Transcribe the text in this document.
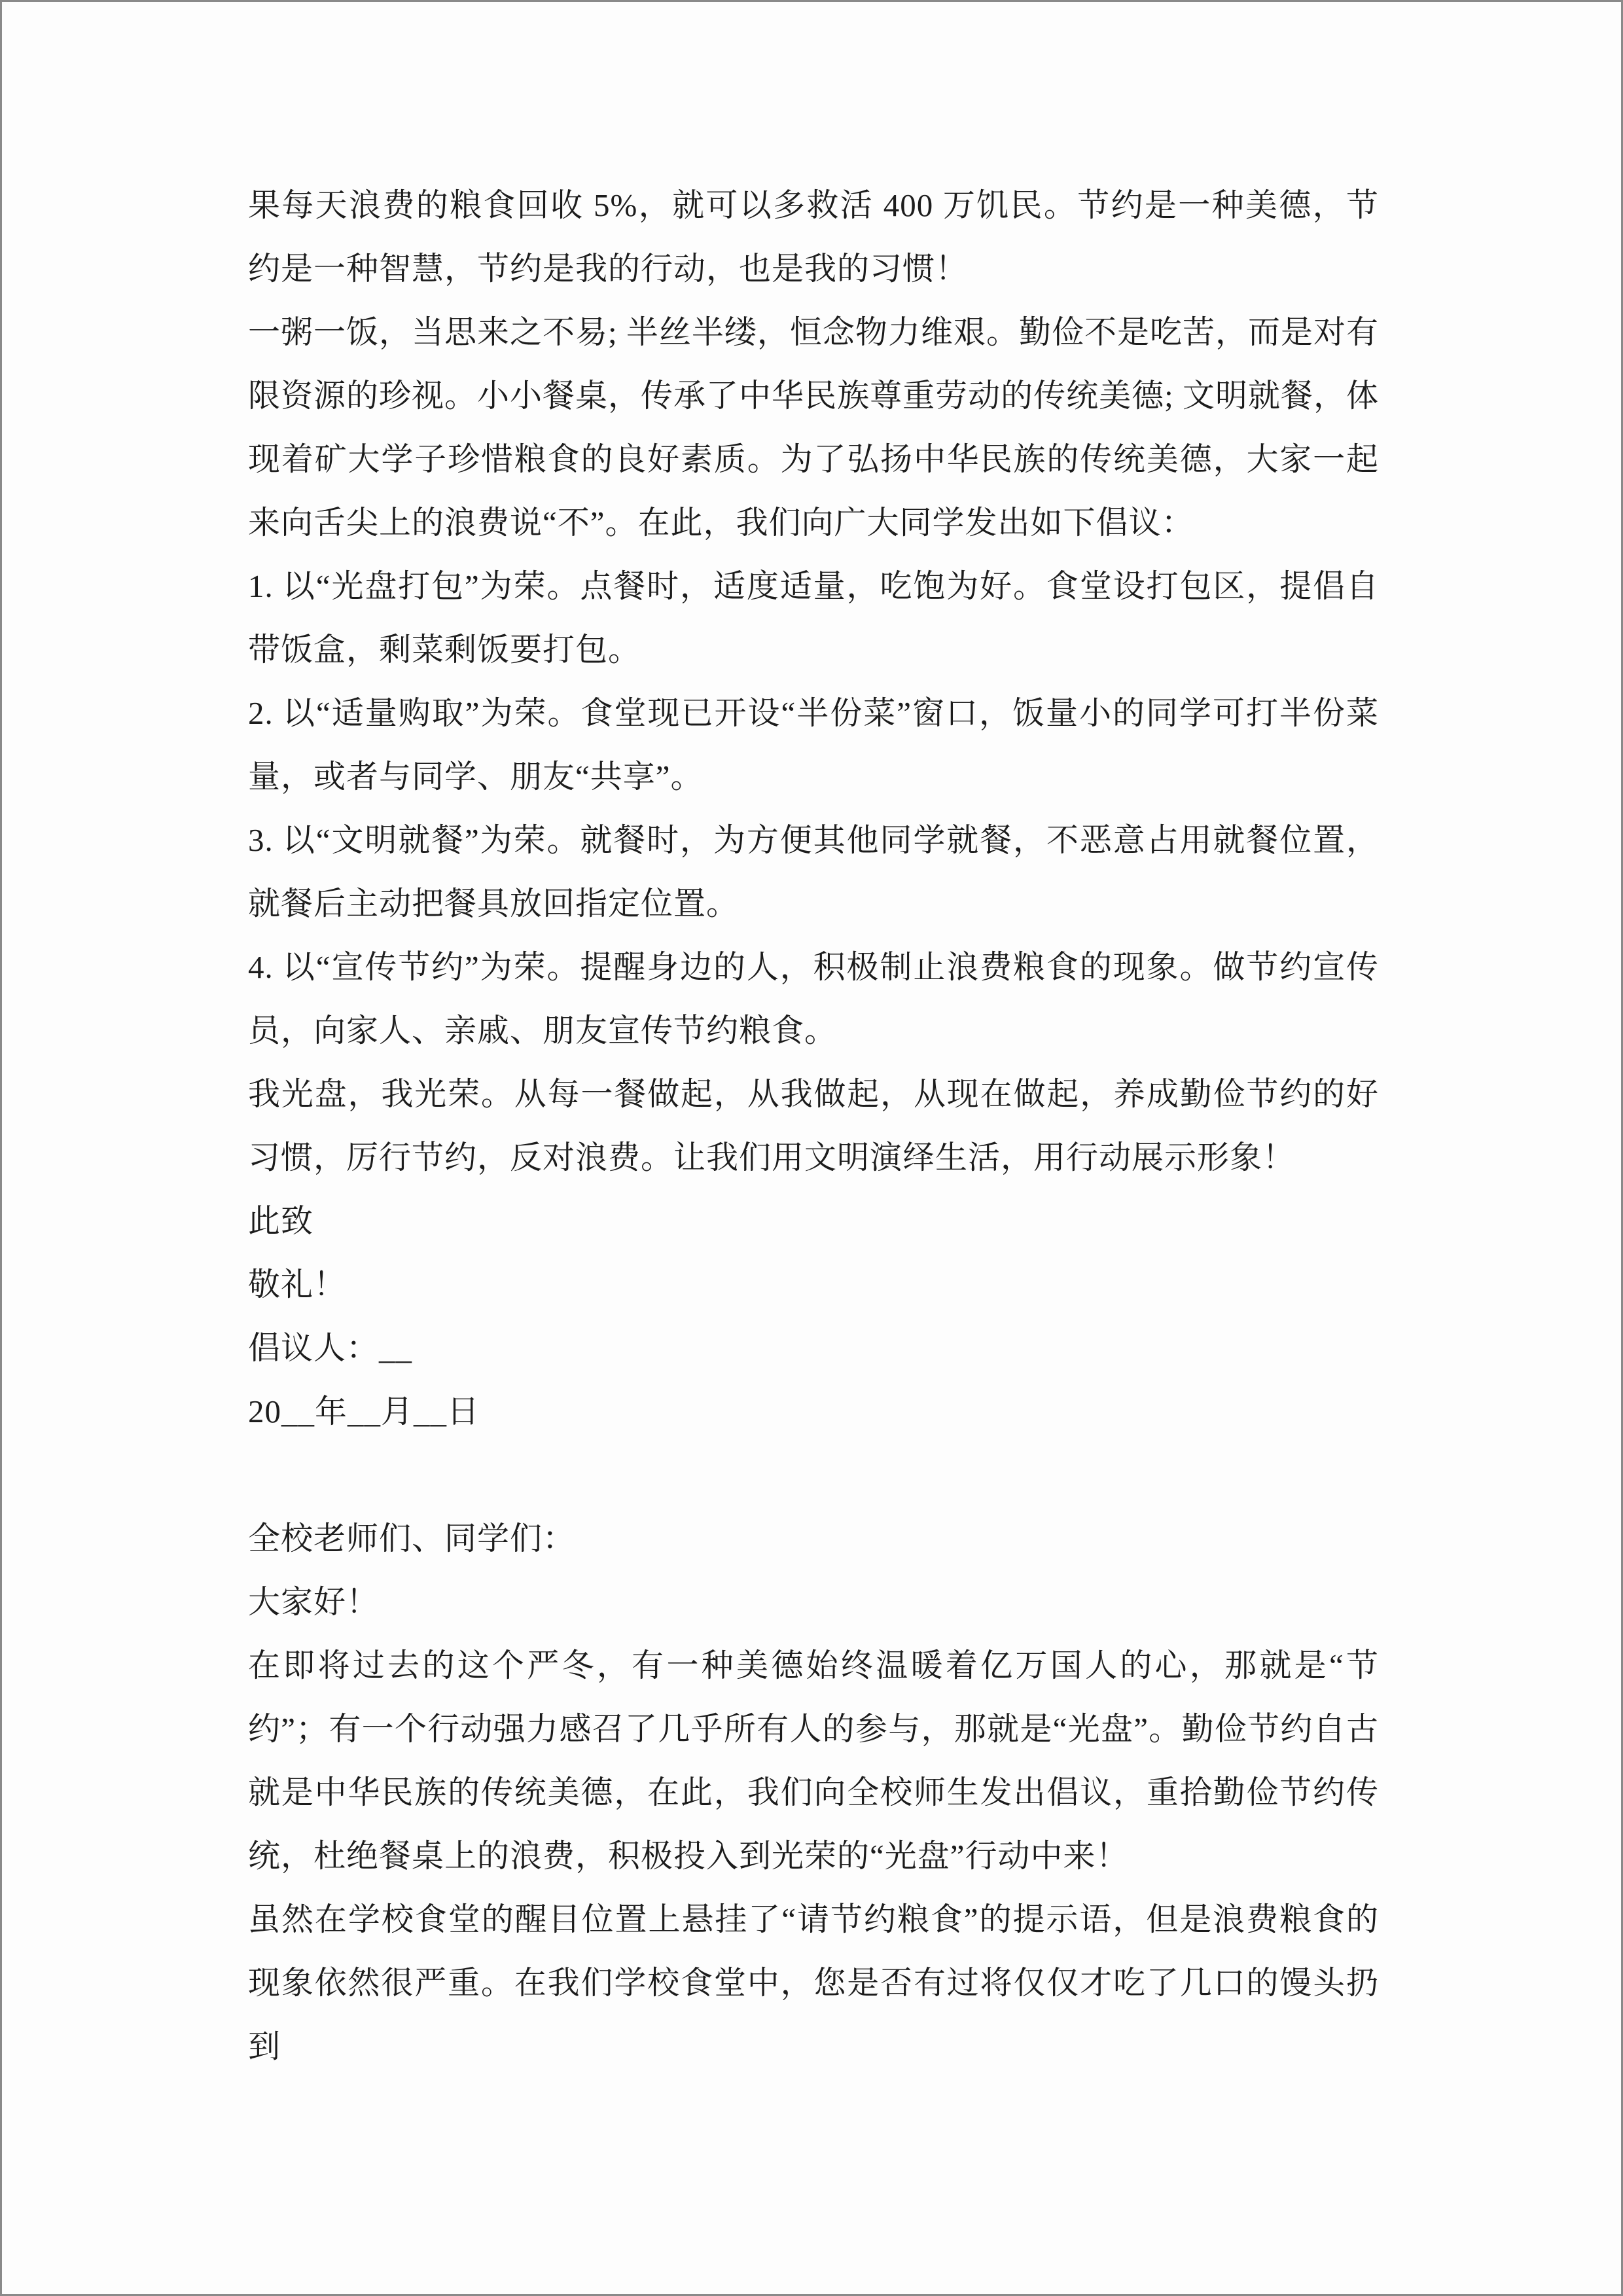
果每天浪费的粮食回收 5%，就可以多救活 400 万饥民。节约是一种美德，节约是一种智慧，节约是我的行动，也是我的习惯！

一粥一饭，当思来之不易; 半丝半缕，恒念物力维艰。勤俭不是吃苦，而是对有限资源的珍视。小小餐桌，传承了中华民族尊重劳动的传统美德; 文明就餐，体现着矿大学子珍惜粮食的良好素质。为了弘扬中华民族的传统美德，大家一起来向舌尖上的浪费说“不”。在此，我们向广大同学发出如下倡议：

1. 以“光盘打包”为荣。点餐时，适度适量，吃饱为好。食堂设打包区，提倡自带饭盒，剩菜剩饭要打包。

2. 以“适量购取”为荣。食堂现已开设“半份菜”窗口，饭量小的同学可打半份菜量，或者与同学、朋友“共享”。

3. 以“文明就餐”为荣。就餐时，为方便其他同学就餐，不恶意占用就餐位置，就餐后主动把餐具放回指定位置。

4. 以“宣传节约”为荣。提醒身边的人，积极制止浪费粮食的现象。做节约宣传员，向家人、亲戚、朋友宣传节约粮食。

我光盘，我光荣。从每一餐做起，从我做起，从现在做起，养成勤俭节约的好习惯，厉行节约，反对浪费。让我们用文明演绎生活，用行动展示形象！

此致

敬礼！

倡议人：__

20__年__月__日

全校老师们、同学们：

大家好！

在即将过去的这个严冬，有一种美德始终温暖着亿万国人的心，那就是“节约”；有一个行动强力感召了几乎所有人的参与，那就是“光盘”。勤俭节约自古就是中华民族的传统美德，在此，我们向全校师生发出倡议，重拾勤俭节约传统，杜绝餐桌上的浪费，积极投入到光荣的“光盘”行动中来！

虽然在学校食堂的醒目位置上悬挂了“请节约粮食”的提示语，但是浪费粮食的现象依然很严重。在我们学校食堂中，您是否有过将仅仅才吃了几口的馒头扔到
